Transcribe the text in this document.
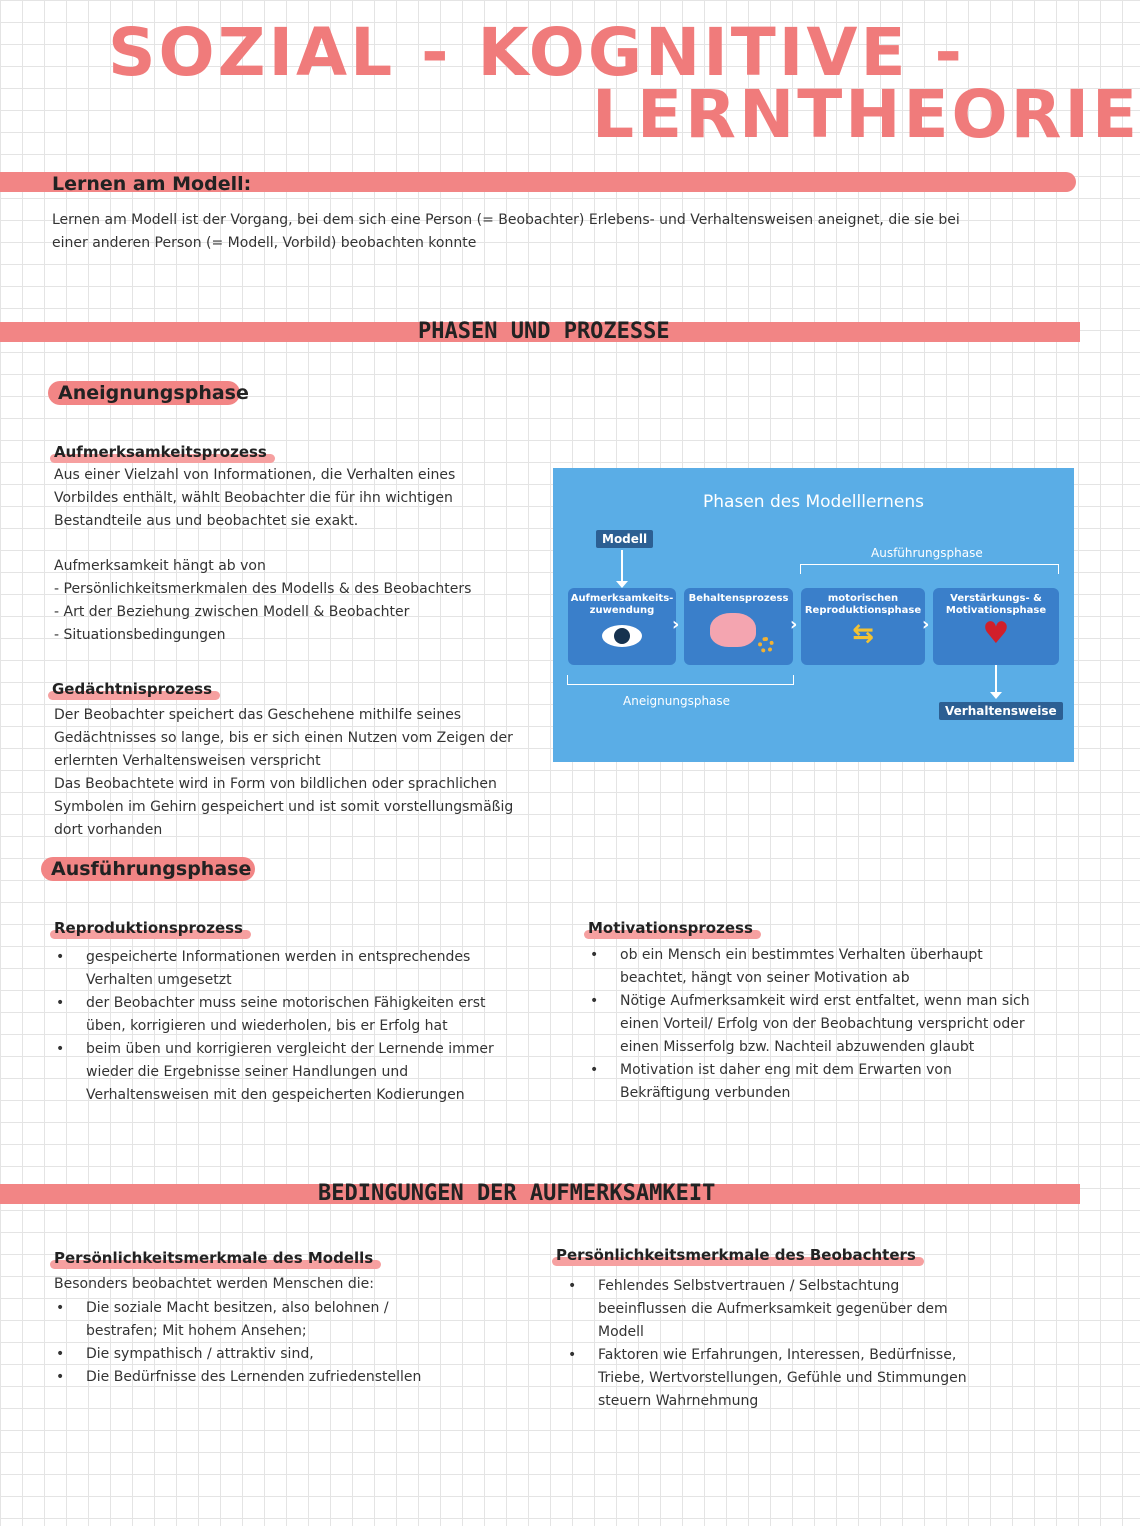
SOZIAL - KOGNITIVE -
LERNTHEORIE
Lernen am Modell:
Lernen am Modell ist der Vorgang, bei dem sich eine Person (= Beobachter) Erlebens- und Verhaltensweisen aneignet, die sie bei einer anderen Person (= Modell, Vorbild) beobachten konnte
PHASEN UND PROZESSE
Aneignungsphase
Aufmerksamkeitsprozess
Aus einer Vielzahl von Informationen, die Verhalten eines Vorbildes enthält, wählt Beobachter die für ihn wichtigen Bestandteile aus und beobachtet sie exakt.
Aufmerksamkeit hängt ab von
- Persönlichkeitsmerkmalen des Modells & des Beobachters
- Art der Beziehung zwischen Modell & Beobachter
- Situationsbedingungen
Gedächtnisprozess
Der Beobachter speichert das Geschehene mithilfe seines Gedächtnisses so lange, bis er sich einen Nutzen vom Zeigen der erlernten Verhaltensweisen verspricht
Das Beobachtete wird in Form von bildlichen oder sprachlichen Symbolen im Gehirn gespeichert und ist somit vorstellungsmäßig dort vorhanden
Phasen des Modelllernens
Modell
Ausführungsphase
Aufmerksamkeits-
zuwendung
›
Behaltensprozess
›
motorischen
Reproduktionsphase
⇆	›
Verstärkungs- &
Motivationsphase
♥
Aneignungsphase
Verhaltensweise
Ausführungsphase
Reproduktionsprozess
• gespeicherte Informationen werden in entsprechendes Verhalten umgesetzt
• der Beobachter muss seine motorischen Fähigkeiten erst üben, korrigieren und wiederholen, bis er Erfolg hat
• beim üben und korrigieren vergleicht der Lernende immer wieder die Ergebnisse seiner Handlungen und Verhaltensweisen mit den gespeicherten Kodierungen
Motivationsprozess
• ob ein Mensch ein bestimmtes Verhalten überhaupt beachtet, hängt von seiner Motivation ab
• Nötige Aufmerksamkeit wird erst entfaltet, wenn man sich einen Vorteil/ Erfolg von der Beobachtung verspricht oder einen Misserfolg bzw. Nachteil abzuwenden glaubt
• Motivation ist daher eng mit dem Erwarten von Bekräftigung verbunden
BEDINGUNGEN DER AUFMERKSAMKEIT
Persönlichkeitsmerkmale des Modells
Besonders beobachtet werden Menschen die:
• Die soziale Macht besitzen, also belohnen / bestrafen; Mit hohem Ansehen;
• Die sympathisch / attraktiv sind,
• Die Bedürfnisse des Lernenden zufriedenstellen
Persönlichkeitsmerkmale des Beobachters
• Fehlendes Selbstvertrauen / Selbstachtung beeinflussen die Aufmerksamkeit gegenüber dem Modell
• Faktoren wie Erfahrungen, Interessen, Bedürfnisse, Triebe, Wertvorstellungen, Gefühle und Stimmungen steuern Wahrnehmung
